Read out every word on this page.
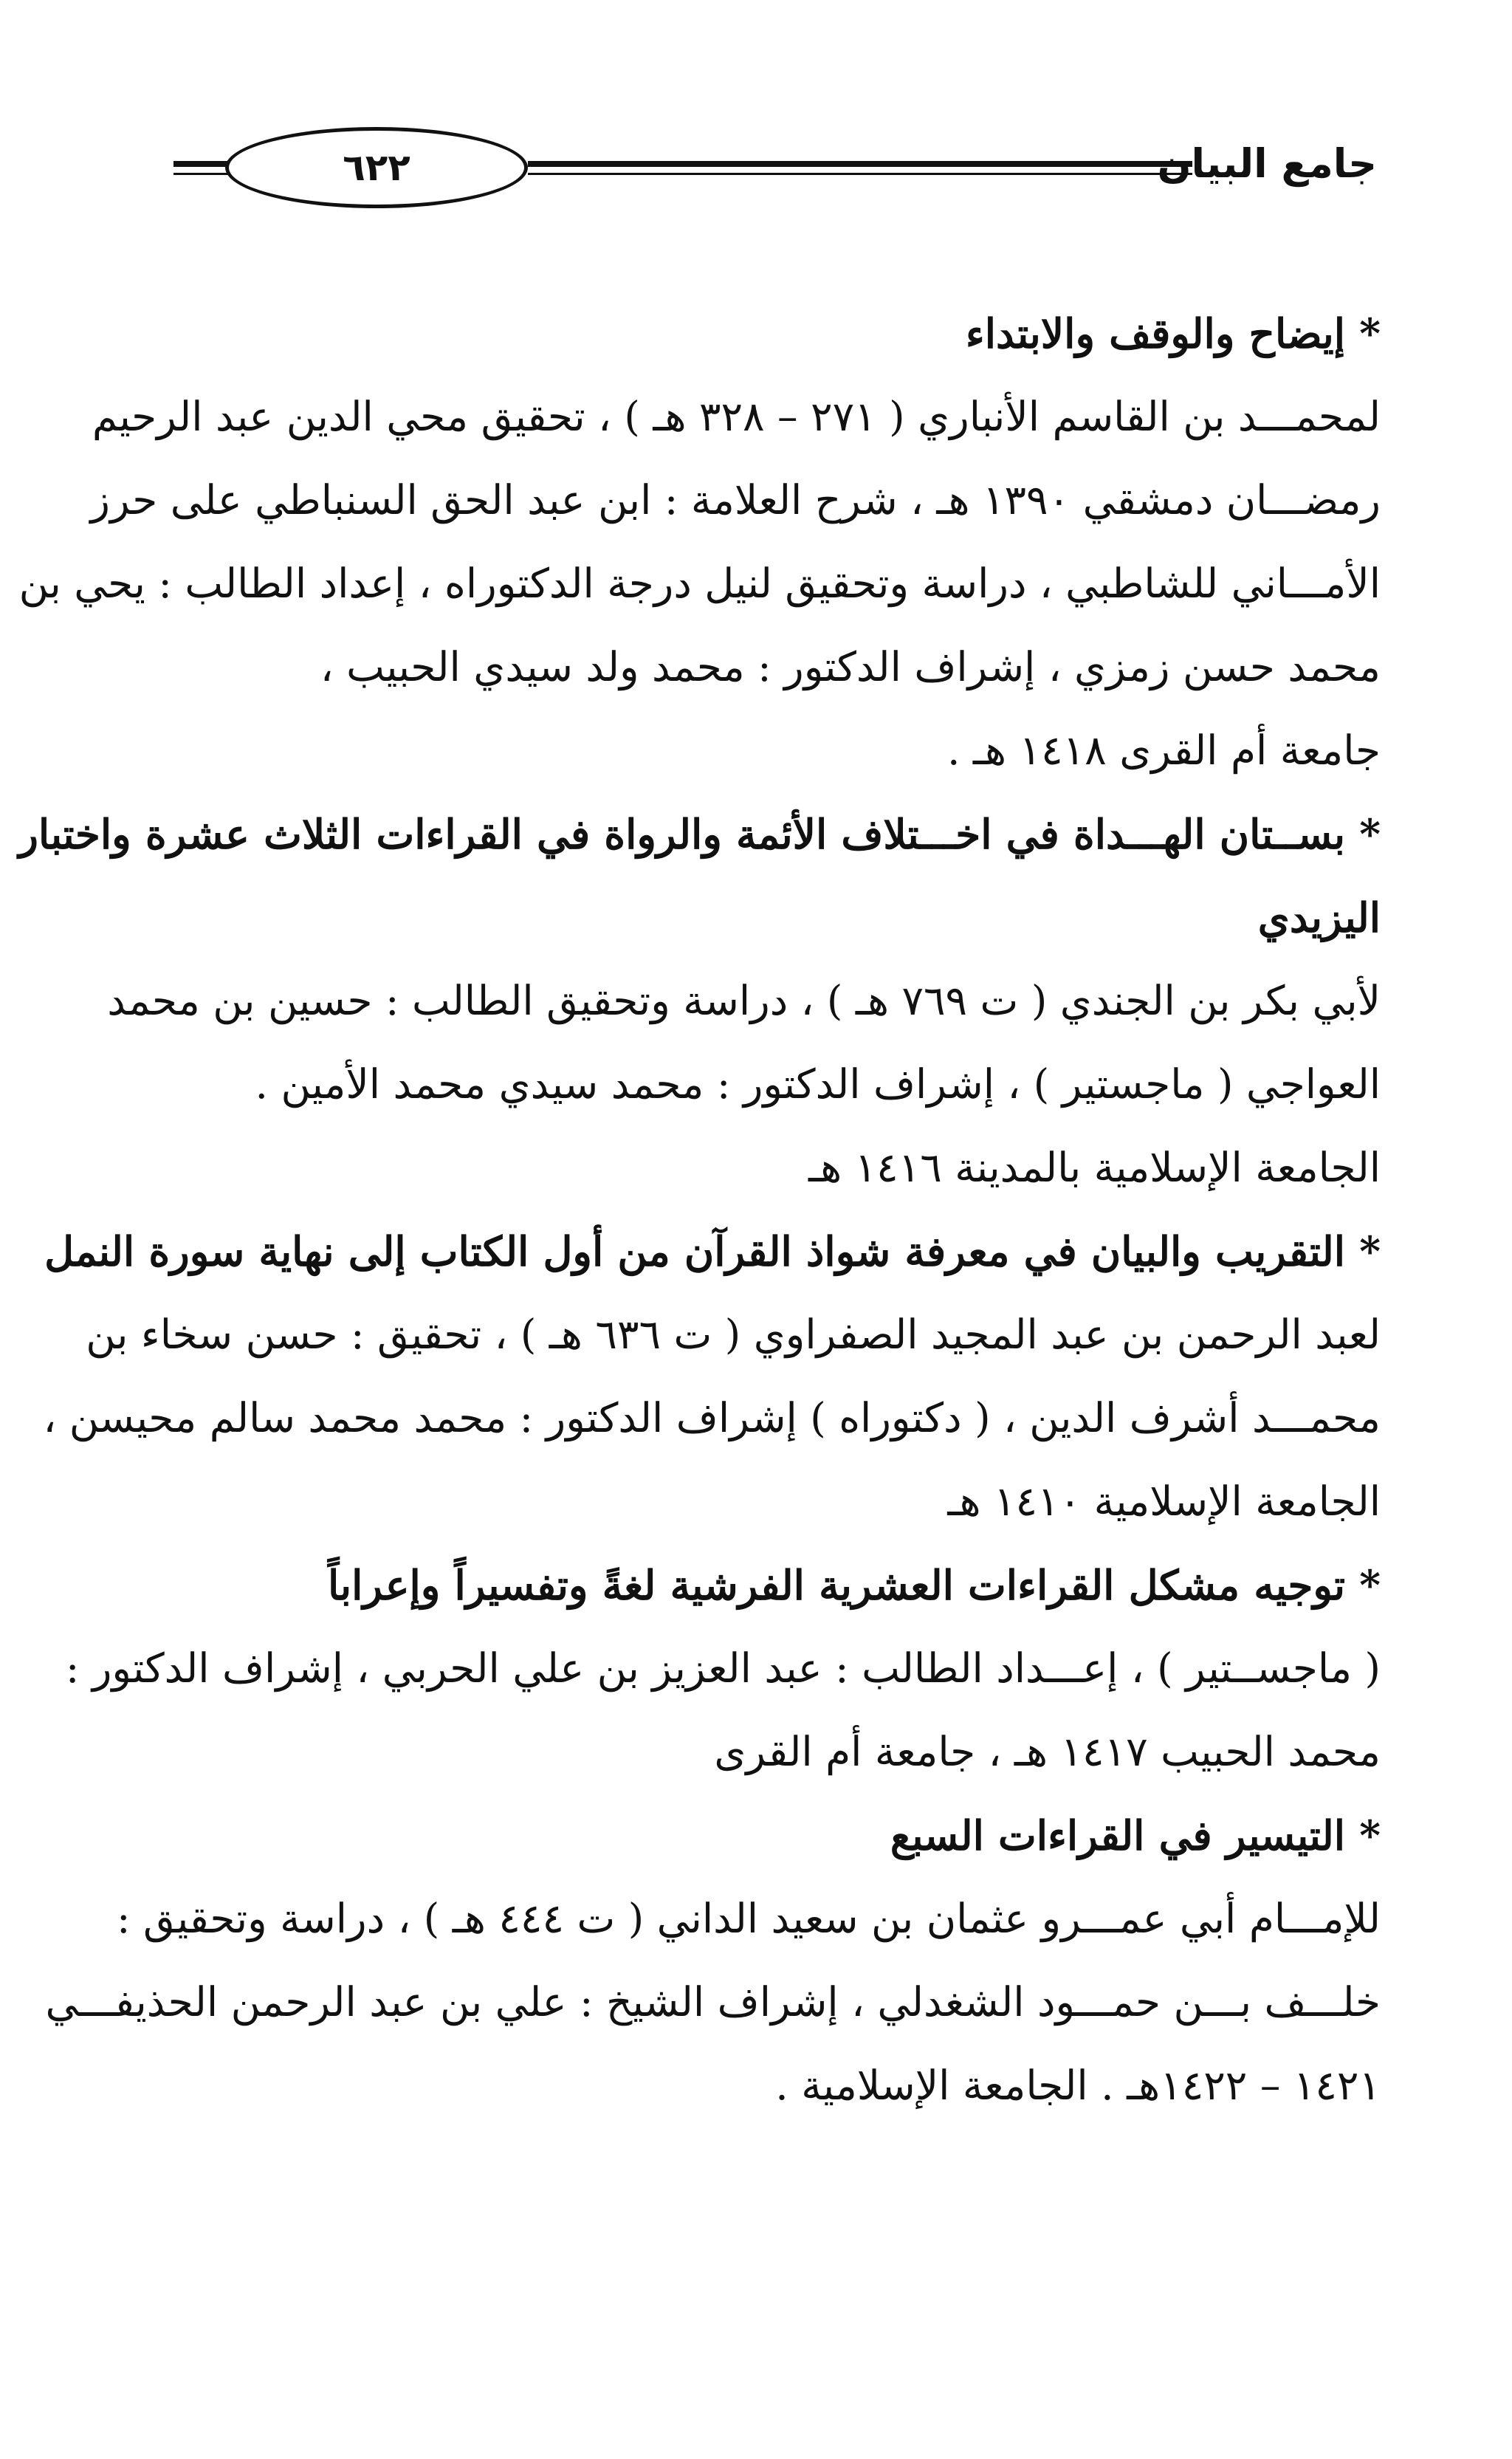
٦٢٢	جامع البيان
* إيضاح والوقف والابتداء
لمحمـــد بن القاسم الأنباري ( ٢٧١ – ٣٢٨ هـ ) ، تحقيق محي الدين عبد الرحيم
رمضـــان دمشقي ١٣٩٠ هـ ، شرح العلامة : ابن عبد الحق السنباطي على حرز
الأمـــاني للشاطبي ، دراسة وتحقيق لنيل درجة الدكتوراه ، إعداد الطالب : يحي بن
محمد حسن زمزي ، إشراف الدكتور : محمد ولد سيدي الحبيب ،
جامعة أم القرى ١٤١٨ هـ .
* بســتان الهـــداة في اخـــتلاف الأئمة والرواة في القراءات الثلاث عشرة واختبار
اليزيدي
لأبي بكر بن الجندي ( ت ٧٦٩ هـ ) ، دراسة وتحقيق الطالب : حسين بن محمد
العواجي ( ماجستير ) ، إشراف الدكتور : محمد سيدي محمد الأمين .
الجامعة الإسلامية بالمدينة ١٤١٦ هـ
* التقريب والبيان في معرفة شواذ القرآن من أول الكتاب إلى نهاية سورة النمل
لعبد الرحمن بن عبد المجيد الصفراوي ( ت ٦٣٦ هـ ) ، تحقيق : حسن سخاء بن
محمـــد أشرف الدين ، ( دكتوراه ) إشراف الدكتور : محمد محمد سالم محيسن ،
الجامعة الإسلامية ١٤١٠ هـ
* توجيه مشكل القراءات العشرية الفرشية لغةً وتفسيراً وإعراباً
( ماجســتير ) ، إعـــداد الطالب : عبد العزيز بن علي الحربي ، إشراف الدكتور :
محمد الحبيب ١٤١٧ هـ ، جامعة أم القرى
* التيسير في القراءات السبع
للإمـــام أبي عمـــرو عثمان بن سعيد الداني ( ت ٤٤٤ هـ ) ، دراسة وتحقيق :
خلـــف بـــن حمـــود الشغدلي ، إشراف الشيخ : علي بن عبد الرحمن الحذيفـــي
١٤٢١ – ١٤٢٢هـ . الجامعة الإسلامية .
